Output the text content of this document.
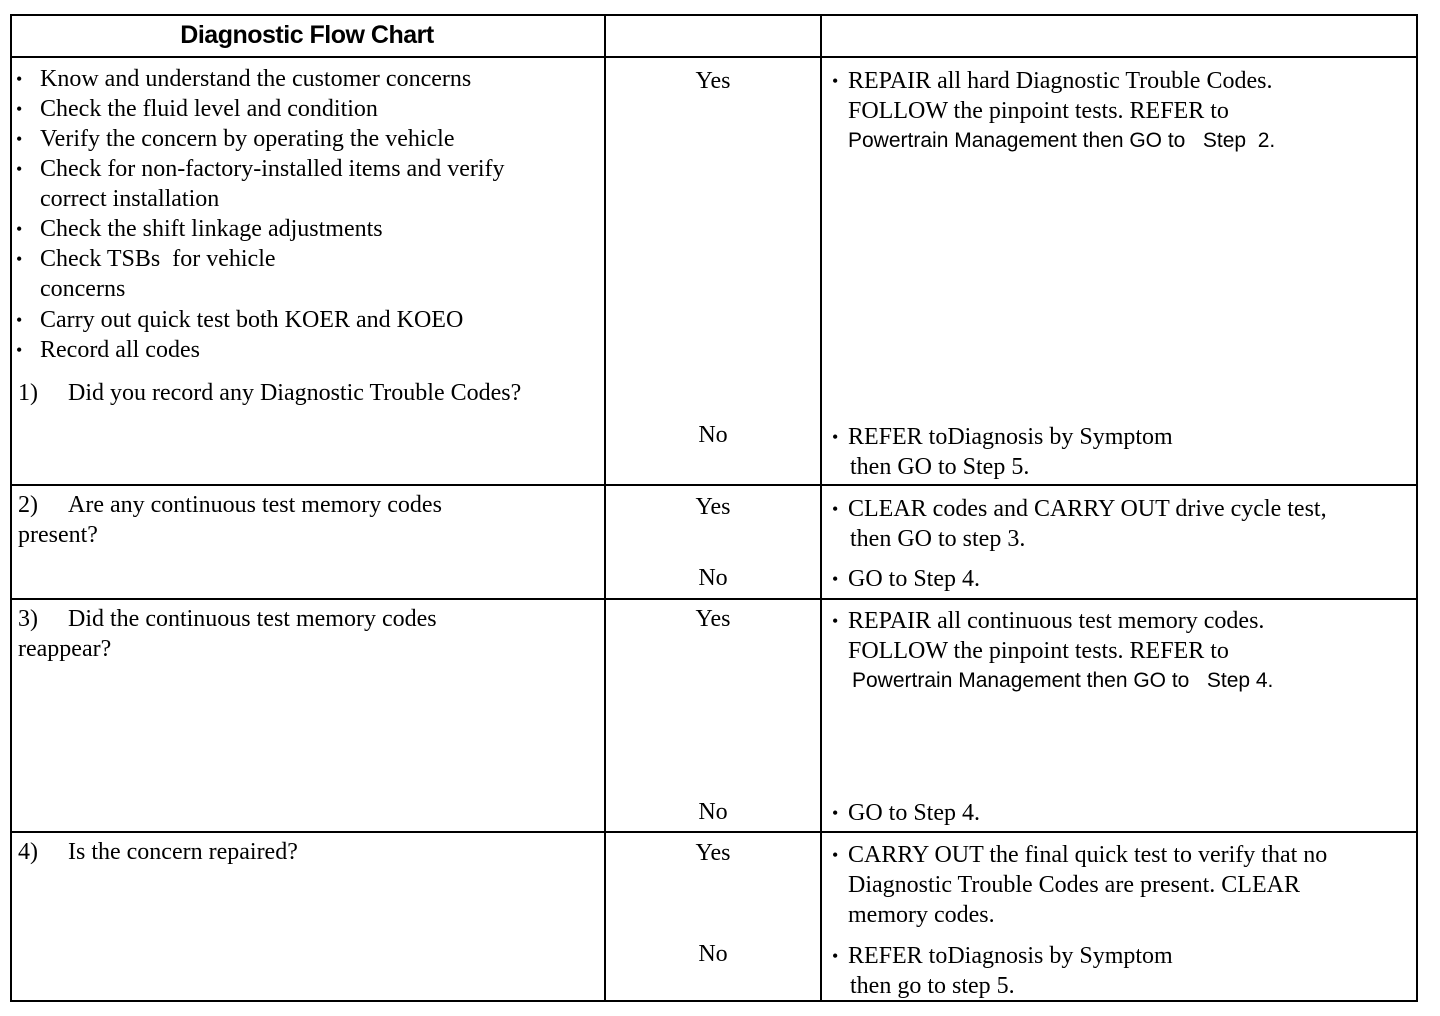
Diagnostic Flow Chart
• Know and understand the customer concerns
• Check the fluid level and condition
• Verify the concern by operating the vehicle
• Check for non-factory-installed items and verify
correct installation
• Check the shift linkage adjustments
• Check TSBs  for vehicle
concerns
• Carry out quick test both KOER and KOEO
• Record all codes
1) Did you record any Diagnostic Trouble Codes?
Yes
No
• REPAIR all hard Diagnostic Trouble Codes.
FOLLOW the pinpoint tests. REFER to
Powertrain Management then GO to   Step  2.
• REFER toDiagnosis by Symptom
then GO to Step 5.
2) Are any continuous test memory codes
present?
Yes
No
• CLEAR codes and CARRY OUT drive cycle test,
then GO to step 3.
• GO to Step 4.
3) Did the continuous test memory codes
reappear?
Yes
No
• REPAIR all continuous test memory codes.
FOLLOW the pinpoint tests. REFER to
Powertrain Management then GO to   Step 4.
• GO to Step 4.
4) Is the concern repaired?	Yes
No
• CARRY OUT the final quick test to verify that no
Diagnostic Trouble Codes are present. CLEAR
memory codes.
• REFER toDiagnosis by Symptom
then go to step 5.
